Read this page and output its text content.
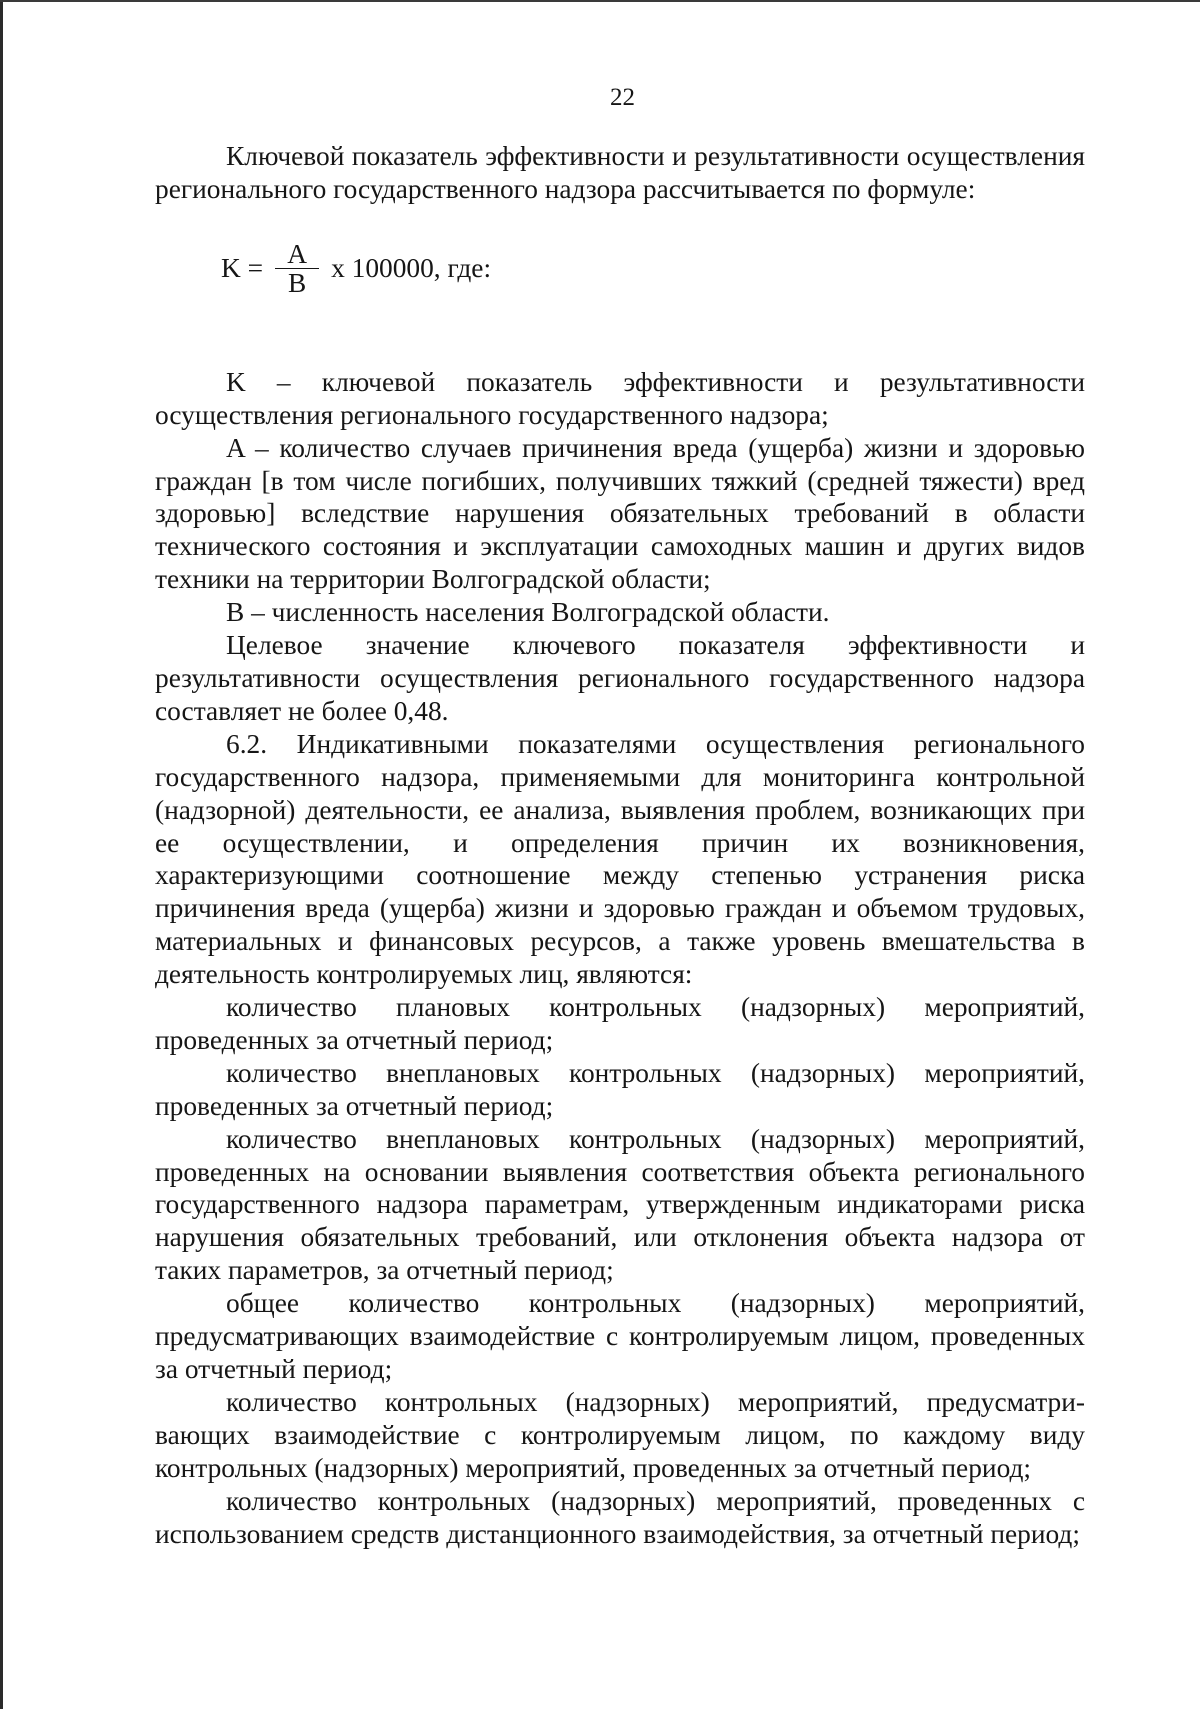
22

Ключевой показатель эффективности и результативности осуществления регионального государственного надзора рассчитывается по формуле:

$K = \frac{A}{B}$ x 100000, где:

K – ключевой показатель эффективности и результативности осуществления регионального государственного надзора;

A – количество случаев причинения вреда (ущерба) жизни и здоровью граждан [в том числе погибших, получивших тяжкий (средней тяжести) вред здоровью] вследствие нарушения обязательных требований в области технического состояния и эксплуатации самоходных машин и других видов техники на территории Волгоградской области;

B – численность населения Волгоградской области.

Целевое значение ключевого показателя эффективности и результативности осуществления регионального государственного надзора составляет не более 0,48.

6.2. Индикативными показателями осуществления регионального государственного надзора, применяемыми для мониторинга контрольной (надзорной) деятельности, ее анализа, выявления проблем, возникающих при ее осуществлении, и определения причин их возникновения, характеризующими соотношение между степенью устранения риска причинения вреда (ущерба) жизни и здоровью граждан и объемом трудовых, материальных и финансовых ресурсов, а также уровень вмешательства в деятельность контролируемых лиц, являются:

количество плановых контрольных (надзорных) мероприятий, проведенных за отчетный период;

количество внеплановых контрольных (надзорных) мероприятий, проведенных за отчетный период;

количество внеплановых контрольных (надзорных) мероприятий, проведенных на основании выявления соответствия объекта регионального государственного надзора параметрам, утвержденным индикаторами риска нарушения обязательных требований, или отклонения объекта надзора от таких параметров, за отчетный период;

общее количество контрольных (надзорных) мероприятий, предусматривающих взаимодействие с контролируемым лицом, проведенных за отчетный период;

количество контрольных (надзорных) мероприятий, предусматри-вающих взаимодействие с контролируемым лицом, по каждому виду контрольных (надзорных) мероприятий, проведенных за отчетный период;

количество контрольных (надзорных) мероприятий, проведенных с использованием средств дистанционного взаимодействия, за отчетный период;
